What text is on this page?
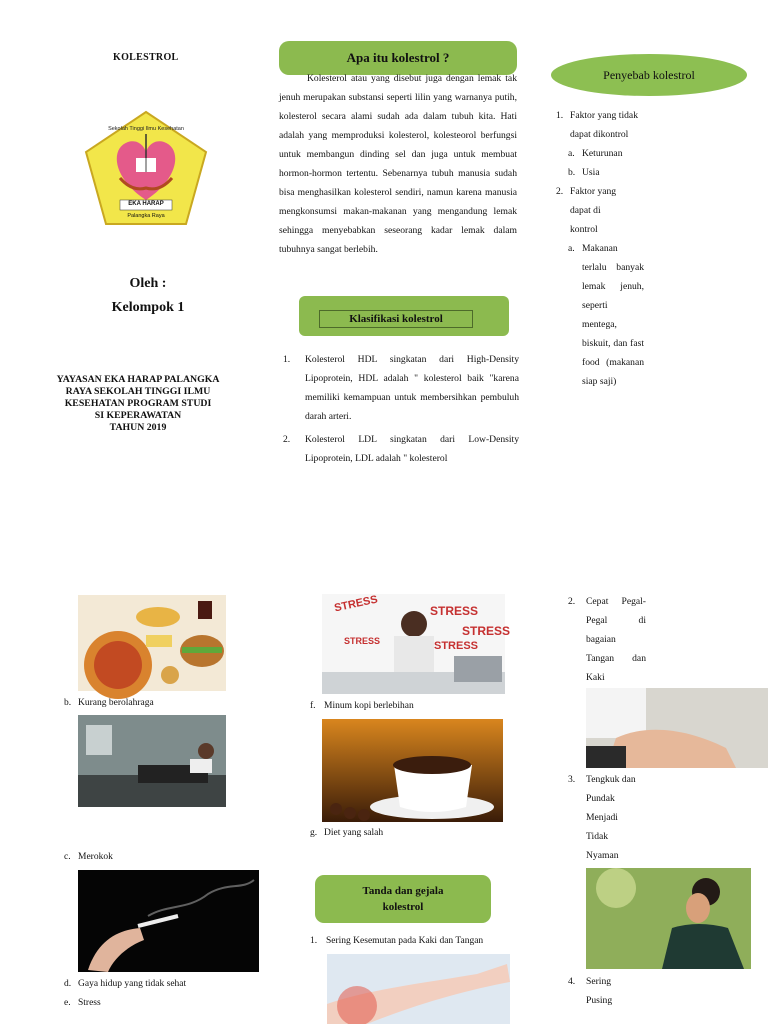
KOLESTROL
Sekolah Tinggi Ilmu Kesehatan
EKA HARAP
Palangka Raya
Oleh :
Kelompok 1
YAYASAN EKA HARAP PALANGKA
RAYA SEKOLAH TINGGI ILMU
KESEHATAN PROGRAM STUDI
SI KEPERAWATAN
TAHUN 2019
Apa itu kolestrol ?
Kolesterol atau yang disebut juga dengan lemak tak jenuh merupakan substansi seperti lilin yang warnanya putih, kolesterol secara alami sudah ada dalam tubuh kita. Hati adalah yang memproduksi kolesterol, kolesteorol berfungsi untuk membangun dinding sel dan juga untuk membuat hormon-hormon tertentu. Sebenarnya tubuh manusia sudah bisa menghasilkan kolesterol sendiri, namun karena manusia mengkonsumsi makan-makanan yang mengandung lemak sehingga menyebabkan seseorang kadar lemak dalam tubuhnya sangat berlebih.
Klasifikasi kolestrol
1.	Kolesterol HDL singkatan dari High-Density Lipoprotein, HDL adalah " kolesterol baik "karena memiliki kemampuan untuk membersihkan pembuluh darah arteri.
2.	Kolesterol LDL singkatan dari Low-Density Lipoprotein, LDL adalah " kolesterol
Penyebab kolestrol
1. Faktor yang tidak dapat dikontrol
a. Keturunan
b. Usia
2. Faktor yang dapat di kontrol
a. Makanan terlalu banyak lemak jenuh, seperti mentega, biskuit, dan fast food (makanan siap saji)
b. Kurang berolahraga
c. Merokok
d. Gaya hidup yang tidak sehat
e. Stress
STRESS	STRESS
STRESS
STRESS	STRESS
f. Minum kopi berlebihan
g. Diet yang salah
Tanda dan gejala
kolestrol
1. Sering Kesemutan pada Kaki dan Tangan
2.	Cepat Pegal-Pegal di bagaian Tangan dan Kaki
3.	Tengkuk dan Pundak Menjadi Tidak Nyaman
4.	Sering Pusing
